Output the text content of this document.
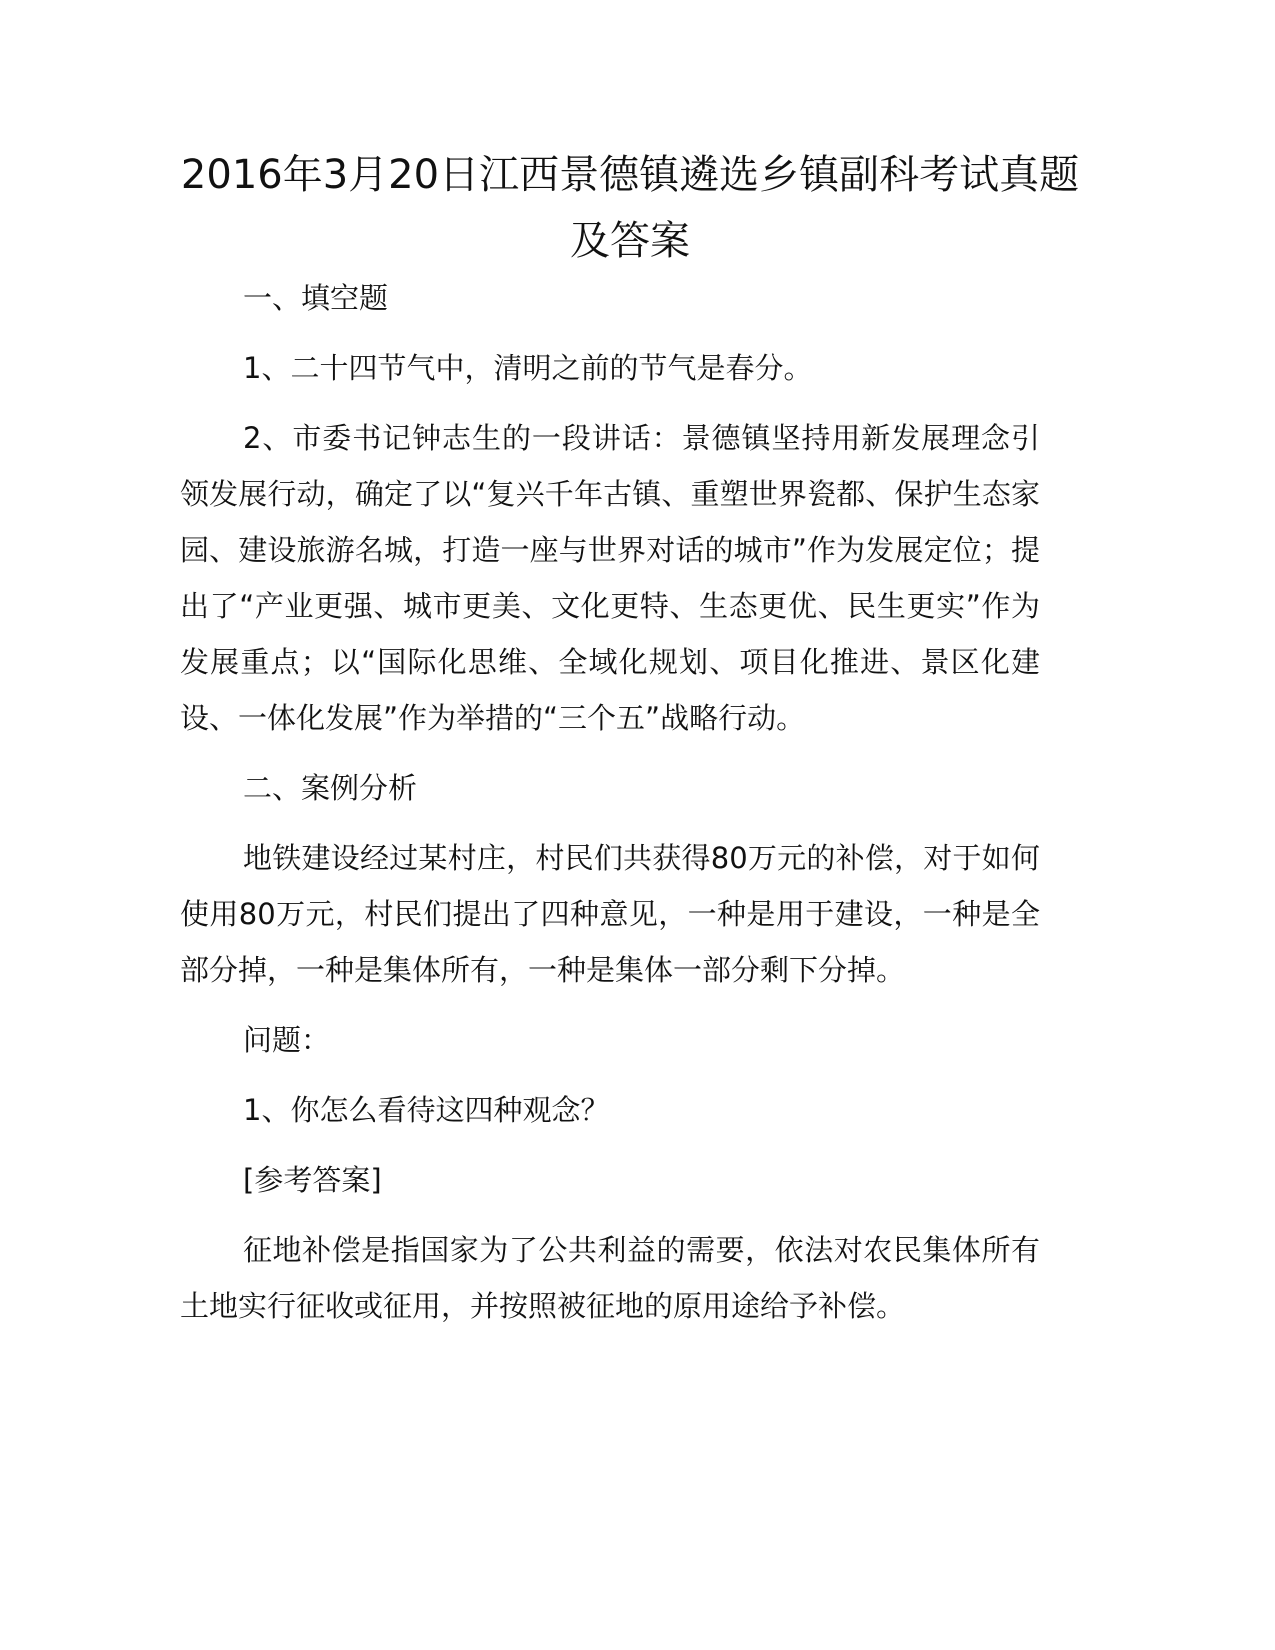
2016年3月20日江西景德镇遴选乡镇副科考试真题及答案

一、填空题

1、二十四节气中，清明之前的节气是春分。

2、市委书记钟志生的一段讲话：景德镇坚持用新发展理念引领发展行动，确定了以“复兴千年古镇、重塑世界瓷都、保护生态家园、建设旅游名城，打造一座与世界对话的城市”作为发展定位；提出了“产业更强、城市更美、文化更特、生态更优、民生更实”作为发展重点；以“国际化思维、全域化规划、项目化推进、景区化建设、一体化发展”作为举措的“三个五”战略行动。

二、案例分析

地铁建设经过某村庄，村民们共获得80万元的补偿，对于如何使用80万元，村民们提出了四种意见，一种是用于建设，一种是全部分掉，一种是集体所有，一种是集体一部分剩下分掉。

问题：

1、你怎么看待这四种观念？

[参考答案]

征地补偿是指国家为了公共利益的需要，依法对农民集体所有土地实行征收或征用，并按照被征地的原用途给予补偿。
